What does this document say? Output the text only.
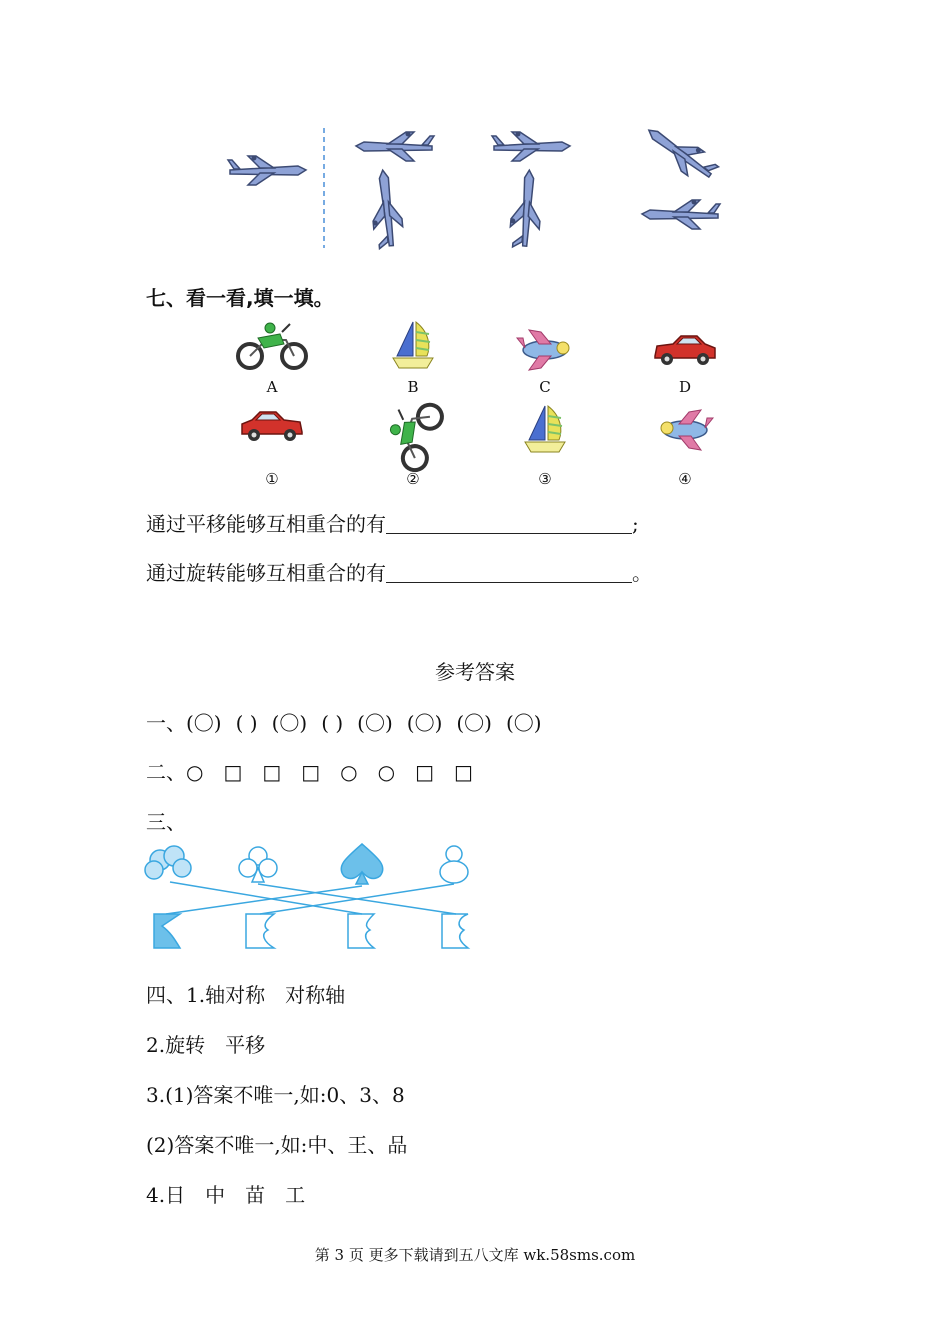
七、看一看,填一填。
A	B	C	D
①	②	③	④
通过平移能够互相重合的有	;
通过旋转能够互相重合的有	。
参考答案
一、 (〇) ( ) (〇) ( ) (〇) (〇) (〇) (〇)
二、 ○ □ □ □ ○ ○ □ □
三、
四、1.轴对称　对称轴
2.旋转　平移
3.(1)答案不唯一,如:0、3、8
(2)答案不唯一,如:中、王、品
4.日　中　苗　工
第 3 页 更多下载请到五八文库 wk.58sms.com
